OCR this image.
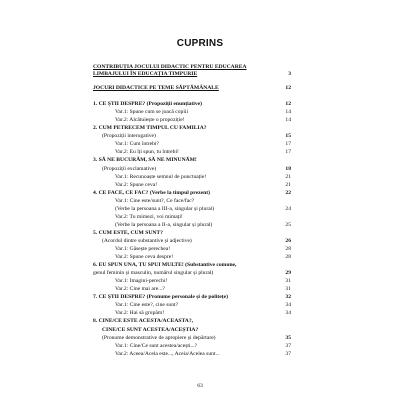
CUPRINS
CONTRIBUȚIA JOCULUI DIDACTIC PENTRU EDUCAREA
LIMBAJULUI ÎN EDUCAȚIA TIMPURIE	3
JOCURI DIDACTICE PE TEME SĂPTĂMÂNALE	12
1. CE ȘTII DESPRE? (Propoziții enunțiative)	12
Var.1: Spune cum se joacă copiii	14
Var.2: Alcătuiește o propoziție!	14
2. CUM PETRECEM TIMPUL CU FAMILIA?
(Propoziții interogative)	15
Var.1: Cum întrebi?	17
Var.2: Eu îți spun, tu întrebi!	17
3. SĂ NE BUCURĂM, SĂ NE MINUNĂM!
(Propoziții exclamative)	18
Var.1: Recunoaște semnul de punctuație!	21
Var.2: Spune ceva!	21
4. CE FACE, CE FAC? (Verbe la timpul prezent)	22
Var.1: Cine este/sunt?, Ce face/fac?
(Verbe la persoana a III-a, singular și plural)	24
Var.2: Tu mimezi, voi mimați!
(Verbe la persoana a II-a, singular și plural)	25
5. CUM ESTE, CUM SUNT?
(Acordul dintre substantive și adjective)	26
Var.1: Găsește perechea!	28
Var.2: Spune ceva despre!	28
6. EU SPUN UNA, TU SPUI MULTE! (Substantive comune,
genul feminin și masculin, numărul singular și plural)	29
Var.1: Imagini-perechi!	31
Var.2: Cine mai are...?	31
7. CE ȘTII DESPRE? (Pronume personale și de politețe)	32
Var.1: Cine este?, cine sunt?	34
Var.2: Hai să grupăm!	34
8. CINE/CE ESTE ACESTA/ACEASTA?,
CINE/CE SUNT ACESTEA/ACEȘTIA?
(Pronume demonstrative de apropiere și depărtare)	35
Var.1: Cine/Ce sunt acestea/acești...?	37
Var.2: Aceea/Acela este..., Aceia/Acelea sunt...	37
63
